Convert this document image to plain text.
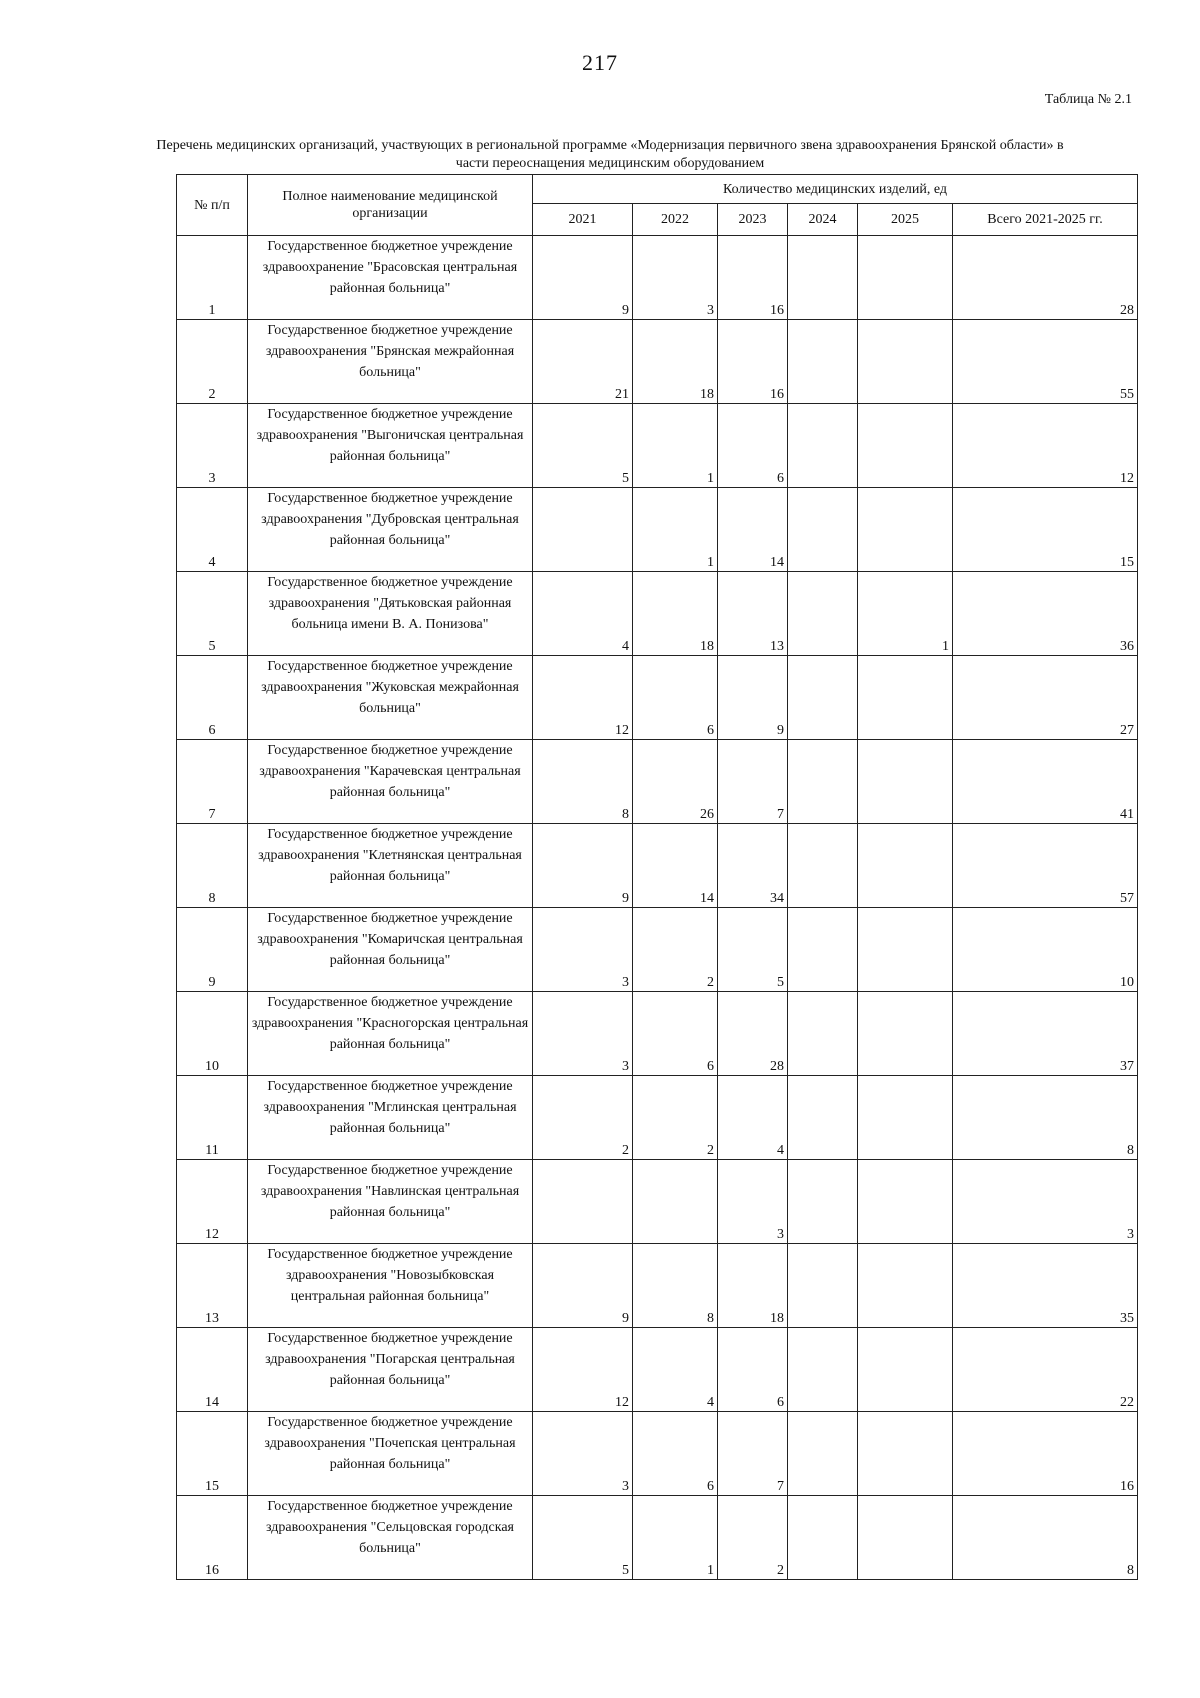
217
Таблица № 2.1
Перечень медицинских организаций, участвующих в региональной программе «Модернизация первичного звена здравоохранения Брянской области» в части переоснащения медицинским оборудованием
№ п/п	Полное наименование медицинской организации	Количество медицинских изделий, ед					
		2021	2022	2023	2024	2025	Всего 2021-2025 гг.
1	Государственное бюджетное учреждение здравоохранение "Брасовская центральная районная больница"	9	3	16			28
2	Государственное бюджетное учреждение здравоохранения "Брянская межрайонная больница"	21	18	16			55
3	Государственное бюджетное учреждение здравоохранения "Выгоничская центральная районная больница"	5	1	6			12
4	Государственное бюджетное учреждение здравоохранения "Дубровская центральная районная больница"		1	14			15
5	Государственное бюджетное учреждение здравоохранения "Дятьковская районная больница имени В. А. Понизова"	4	18	13		1	36
6	Государственное бюджетное учреждение здравоохранения "Жуковская межрайонная больница"	12	6	9			27
7	Государственное бюджетное учреждение здравоохранения "Карачевская центральная районная больница"	8	26	7			41
8	Государственное бюджетное учреждение здравоохранения "Клетнянская центральная районная больница"	9	14	34			57
9	Государственное бюджетное учреждение здравоохранения "Комаричская центральная районная больница"	3	2	5			10
10	Государственное бюджетное учреждение здравоохранения "Красногорская центральная районная больница"	3	6	28			37
11	Государственное бюджетное учреждение здравоохранения "Мглинская центральная районная больница"	2	2	4			8
12	Государственное бюджетное учреждение здравоохранения "Навлинская центральная районная больница"			3			3
13	Государственное бюджетное учреждение здравоохранения "Новозыбковская центральная районная больница"	9	8	18			35
14	Государственное бюджетное учреждение здравоохранения "Погарская центральная районная больница"	12	4	6			22
15	Государственное бюджетное учреждение здравоохранения "Почепская центральная районная больница"	3	6	7			16
16	Государственное бюджетное учреждение здравоохранения "Сельцовская городская больница"	5	1	2			8
